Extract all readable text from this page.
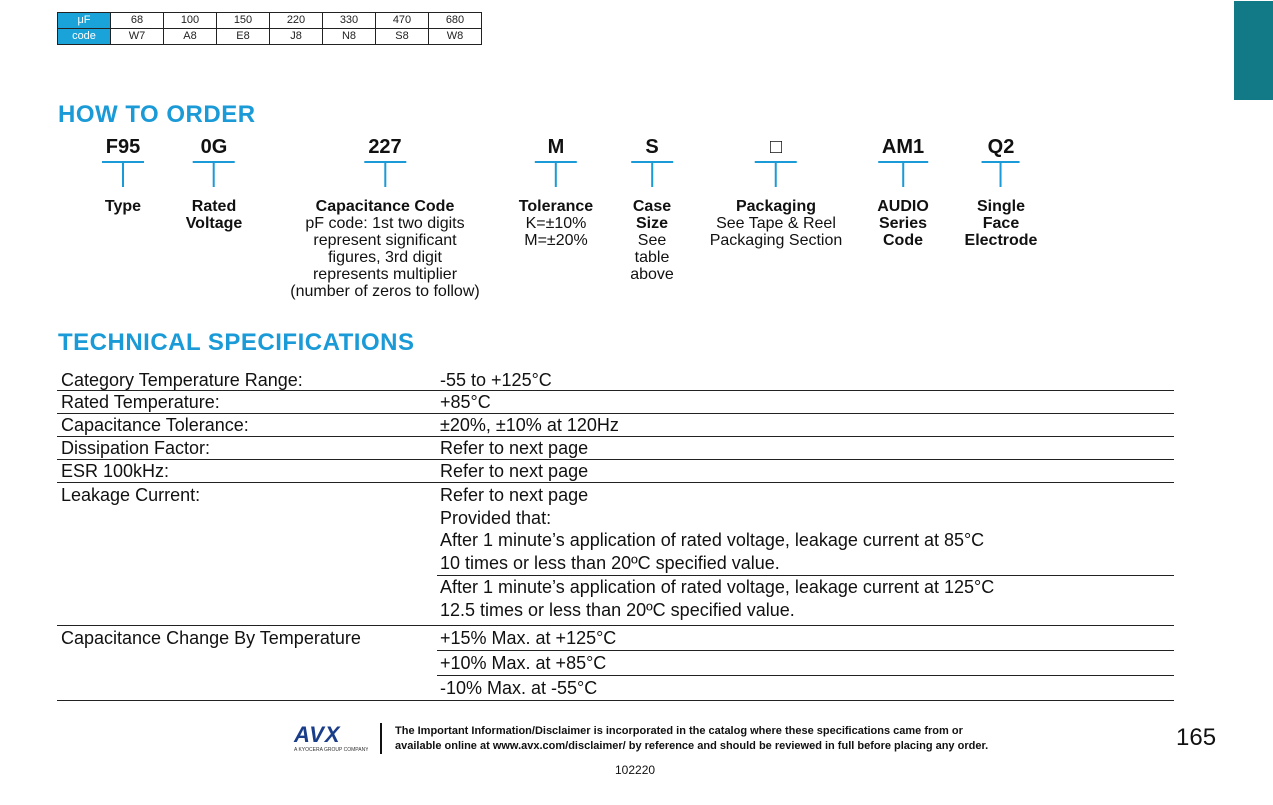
μF	68	100	150	220	330	470	680
code	W7	A8	E8	J8	N8	S8	W8
HOW TO ORDER
F95
Type
0G
Rated
Voltage
227
Capacitance Code
pF code: 1st two digits
represent significant
figures, 3rd digit
represents multiplier
(number of zeros to follow)
M
Tolerance
K=±10%
M=±20%
S
Case
Size
See
table
above
□
Packaging
See Tape & Reel
Packaging Section
AM1
AUDIO
Series
Code
Q2
Single
Face
Electrode
TECHNICAL SPECIFICATIONS
Category Temperature Range:	-55 to +125°C
Rated Temperature:	+85°C
Capacitance Tolerance:	±20%, ±10% at 120Hz
Dissipation Factor:	Refer to next page
ESR 100kHz:	Refer to next page
Leakage Current:	Refer to next page
Provided that:
After 1 minute’s application of rated voltage, leakage current at 85°C
10 times or less than 20ºC specified value.
After 1 minute’s application of rated voltage, leakage current at 125°C
12.5 times or less than 20ºC specified value.
Capacitance Change By Temperature	+15% Max. at +125°C
+10% Max. at +85°C
-10% Max. at -55°C
AVX
A KYOCERA GROUP COMPANY
The Important Information/Disclaimer is incorporated in the catalog where these specifications came from or
available online at www.avx.com/disclaimer/ by reference and should be reviewed in full before placing any order.	165
102220
